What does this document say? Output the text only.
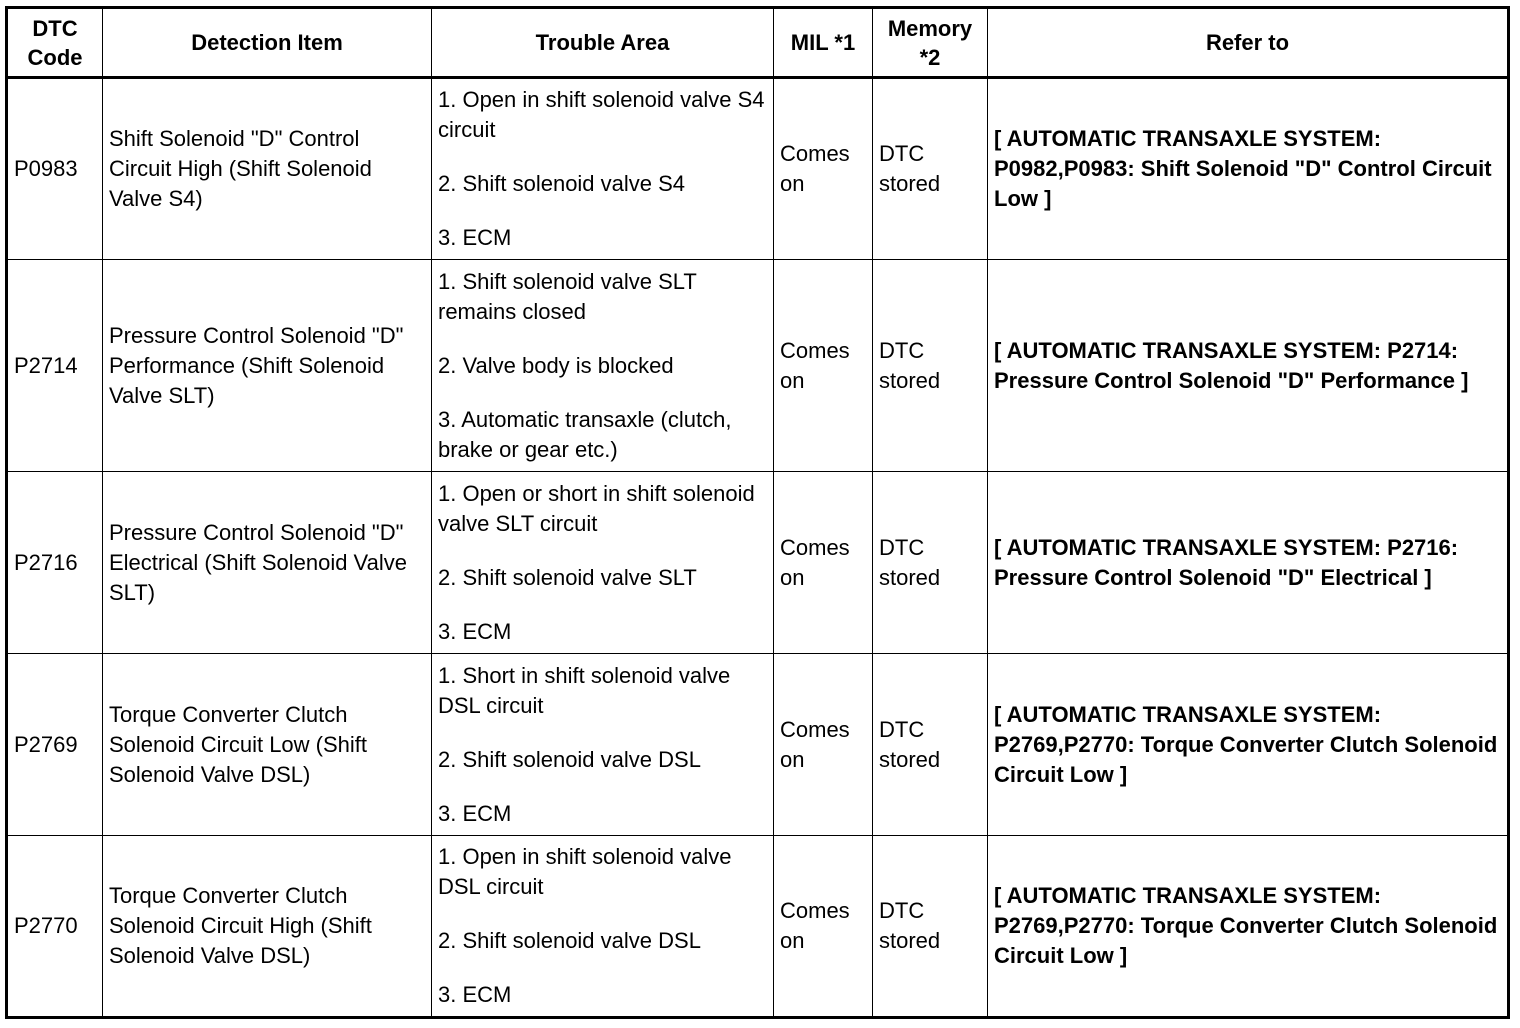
DTC Code	Detection Item	Trouble Area	MIL *1	Memory *2	Refer to
P0983	Shift Solenoid "D" Control Circuit High (Shift Solenoid Valve S4)	1. Open in shift solenoid valve S4 circuit
2. Shift solenoid valve S4
3. ECM	Comes on	DTC stored	[ AUTOMATIC TRANSAXLE SYSTEM: P0982,P0983: Shift Solenoid "D" Control Circuit Low ]
P2714	Pressure Control Solenoid "D" Performance (Shift Solenoid Valve SLT)	1. Shift solenoid valve SLT remains closed
2. Valve body is blocked
3. Automatic transaxle (clutch, brake or gear etc.)	Comes on	DTC stored	[ AUTOMATIC TRANSAXLE SYSTEM: P2714: Pressure Control Solenoid "D" Performance ]
P2716	Pressure Control Solenoid "D" Electrical (Shift Solenoid Valve SLT)	1. Open or short in shift solenoid valve SLT circuit
2. Shift solenoid valve SLT
3. ECM	Comes on	DTC stored	[ AUTOMATIC TRANSAXLE SYSTEM: P2716: Pressure Control Solenoid "D" Electrical ]
P2769	Torque Converter Clutch Solenoid Circuit Low (Shift Solenoid Valve DSL)	1. Short in shift solenoid valve DSL circuit
2. Shift solenoid valve DSL
3. ECM	Comes on	DTC stored	[ AUTOMATIC TRANSAXLE SYSTEM: P2769,P2770: Torque Converter Clutch Solenoid Circuit Low ]
P2770	Torque Converter Clutch Solenoid Circuit High (Shift Solenoid Valve DSL)	1. Open in shift solenoid valve DSL circuit
2. Shift solenoid valve DSL
3. ECM	Comes on	DTC stored	[ AUTOMATIC TRANSAXLE SYSTEM: P2769,P2770: Torque Converter Clutch Solenoid Circuit Low ]
